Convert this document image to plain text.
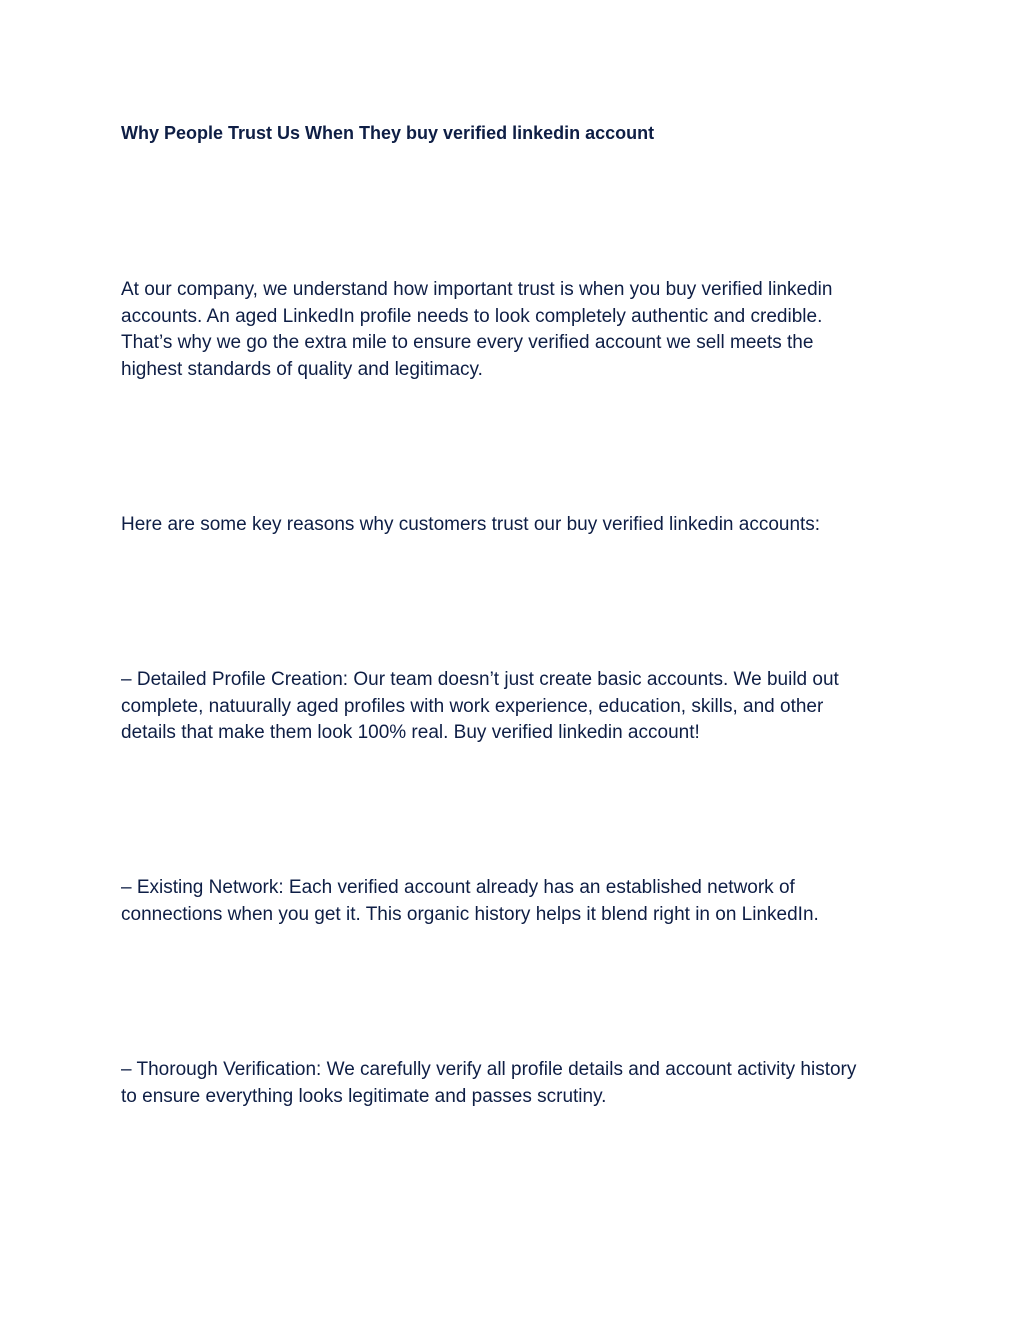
Why People Trust Us When They buy verified linkedin account

At our company, we understand how important trust is when you buy verified linkedin
accounts. An aged LinkedIn profile needs to look completely authentic and credible.
That’s why we go the extra mile to ensure every verified account we sell meets the
highest standards of quality and legitimacy.

Here are some key reasons why customers trust our buy verified linkedin accounts:

– Detailed Profile Creation: Our team doesn’t just create basic accounts. We build out
complete, natuurally aged profiles with work experience, education, skills, and other
details that make them look 100% real. Buy verified linkedin account!

– Existing Network: Each verified account already has an established network of
connections when you get it. This organic history helps it blend right in on LinkedIn.

– Thorough Verification: We carefully verify all profile details and account activity history
to ensure everything looks legitimate and passes scrutiny.
